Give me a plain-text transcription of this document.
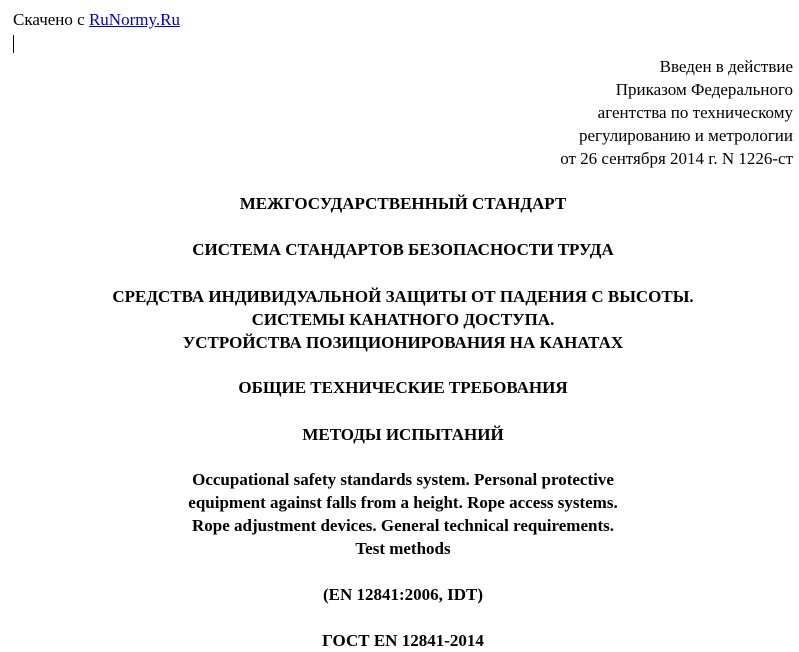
Скачено с RuNormy.Ru
Введен в действие
Приказом Федерального
агентства по техническому
регулированию и метрологии
от 26 сентября 2014 г. N 1226-ст
МЕЖГОСУДАРСТВЕННЫЙ СТАНДАРТ
СИСТЕМА СТАНДАРТОВ БЕЗОПАСНОСТИ ТРУДА
СРЕДСТВА ИНДИВИДУАЛЬНОЙ ЗАЩИТЫ ОТ ПАДЕНИЯ С ВЫСОТЫ.
СИСТЕМЫ КАНАТНОГО ДОСТУПА.
УСТРОЙСТВА ПОЗИЦИОНИРОВАНИЯ НА КАНАТАХ
ОБЩИЕ ТЕХНИЧЕСКИЕ ТРЕБОВАНИЯ
МЕТОДЫ ИСПЫТАНИЙ
Occupational safety standards system. Personal protective
equipment against falls from a height. Rope access systems.
Rope adjustment devices. General technical requirements.
Test methods
(EN 12841:2006, IDT)
ГОСТ EN 12841-2014
